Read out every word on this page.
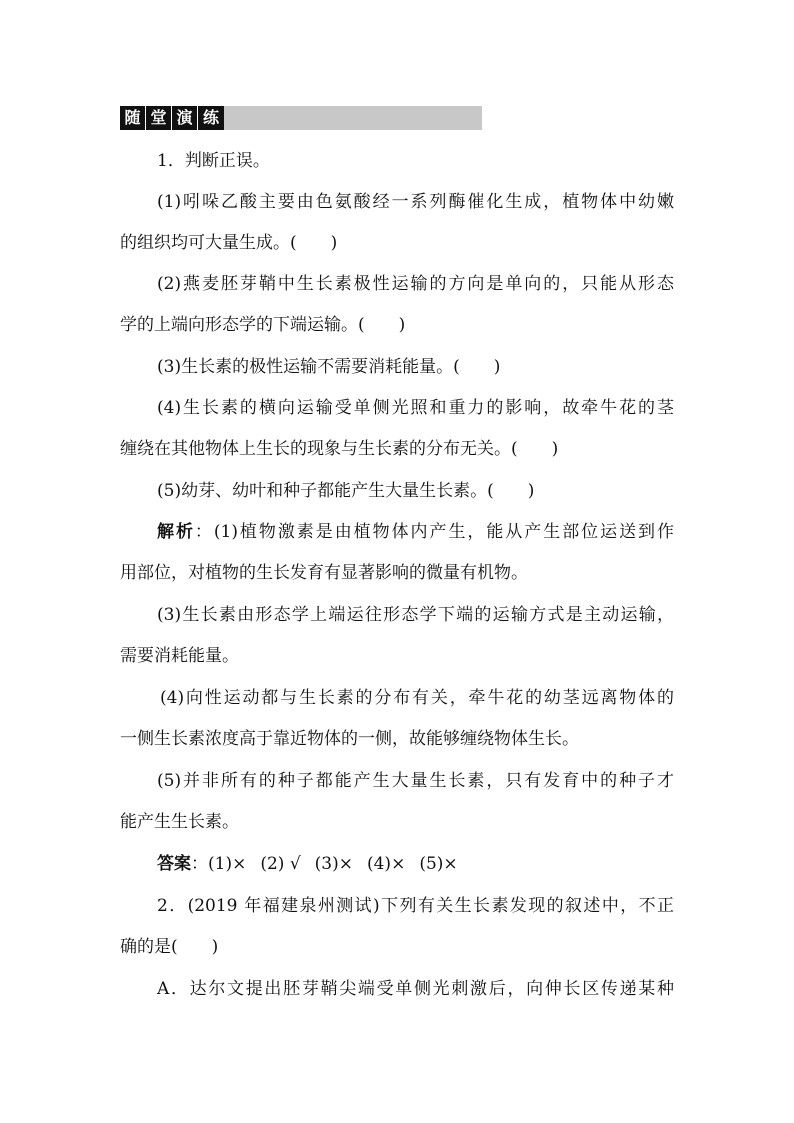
随 堂 演 练
1．判断正误。
(1)吲哚乙酸主要由色氨酸经一系列酶催化生成，植物体中幼嫩
的组织均可大量生成。(　　)
(2)燕麦胚芽鞘中生长素极性运输的方向是单向的，只能从形态
学的上端向形态学的下端运输。(　　)
(3)生长素的极性运输不需要消耗能量。(　　)
(4)生长素的横向运输受单侧光照和重力的影响，故牵牛花的茎
缠绕在其他物体上生长的现象与生长素的分布无关。(　　)
(5)幼芽、幼叶和种子都能产生大量生长素。(　　)
解析：(1)植物激素是由植物体内产生，能从产生部位运送到作
用部位，对植物的生长发育有显著影响的微量有机物。
(3)生长素由形态学上端运往形态学下端的运输方式是主动运输，
需要消耗能量。
(4)向性运动都与生长素的分布有关，牵牛花的幼茎远离物体的
一侧生长素浓度高于靠近物体的一侧，故能够缠绕物体生长。
(5)并非所有的种子都能产生大量生长素，只有发育中的种子才
能产生生长素。
答案：(1)× (2) √ (3)× (4)× (5)×
2．(2019 年福建泉州测试)下列有关生长素发现的叙述中，不正
确的是(　　)
A．达尔文提出胚芽鞘尖端受单侧光刺激后，向伸长区传递某种
